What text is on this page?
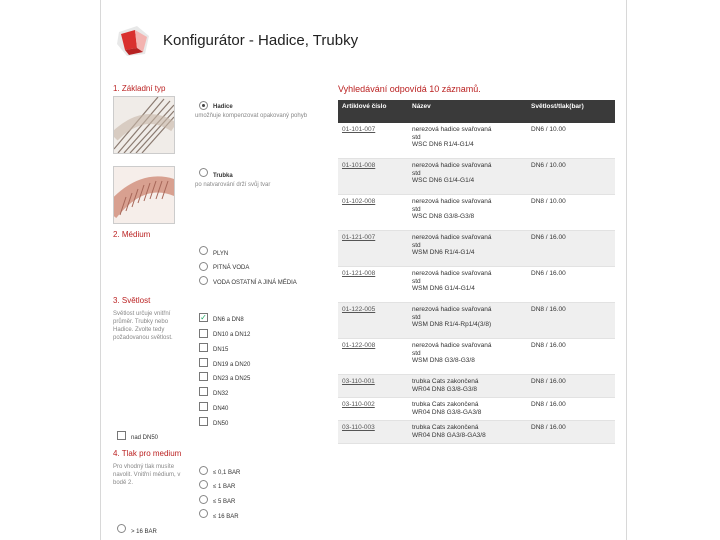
Konfigurátor - Hadice, Trubky
1. Základní typ
Hadice
umožňuje kompenzovat opakovaný pohyb
Trubka
po natvarování drží svůj tvar
2. Médium
PLYN
PITNÁ VODA
VODA OSTATNÍ A JINÁ MÉDIA
3. Světlost
Světlost určuje vnitřní průměr. Trubky nebo Hadice. Zvolte tedy požadovanou světlost.
✓ DN6 a DN8
DN10 a DN12
DN15
DN19 a DN20
DN23 a DN25
DN32
DN40
DN50
nad DN50
4. Tlak pro medium
Pro vhodný tlak musíte navolit. Vnitřní médium, v bodě 2.
≤ 0,1 BAR
≤ 1 BAR
≤ 5 BAR
≤ 16 BAR
> 16 BAR
Vyhledávání odpovídá 10 záznamů.
Artiklové číslo	Název	Světlost/tlak(bar)
01-101-007	nerezová hadice svařovaná
std
WSC DN6 R1/4-G1/4	DN6 / 10.00
01-101-008	nerezová hadice svařovaná
std
WSC DN6 G1/4-G1/4	DN6 / 10.00
01-102-008	nerezová hadice svařovaná
std
WSC DN8 G3/8-G3/8	DN8 / 10.00
01-121-007	nerezová hadice svařovaná
std
WSM DN6 R1/4-G1/4	DN6 / 16.00
01-121-008	nerezová hadice svařovaná
std
WSM DN6 G1/4-G1/4	DN6 / 16.00
01-122-005	nerezová hadice svařovaná
std
WSM DN8 R1/4-Rp1/4(3/8)	DN8 / 16.00
01-122-008	nerezová hadice svařovaná
std
WSM DN8 G3/8-G3/8	DN8 / 16.00
03-110-001	trubka Cats zakončená
WR04 DN8 G3/8-G3/8	DN8 / 16.00
03-110-002	trubka Cats zakončená
WR04 DN8 G3/8-GA3/8	DN8 / 16.00
03-110-003	trubka Cats zakončená
WR04 DN8 GA3/8-GA3/8	DN8 / 16.00
